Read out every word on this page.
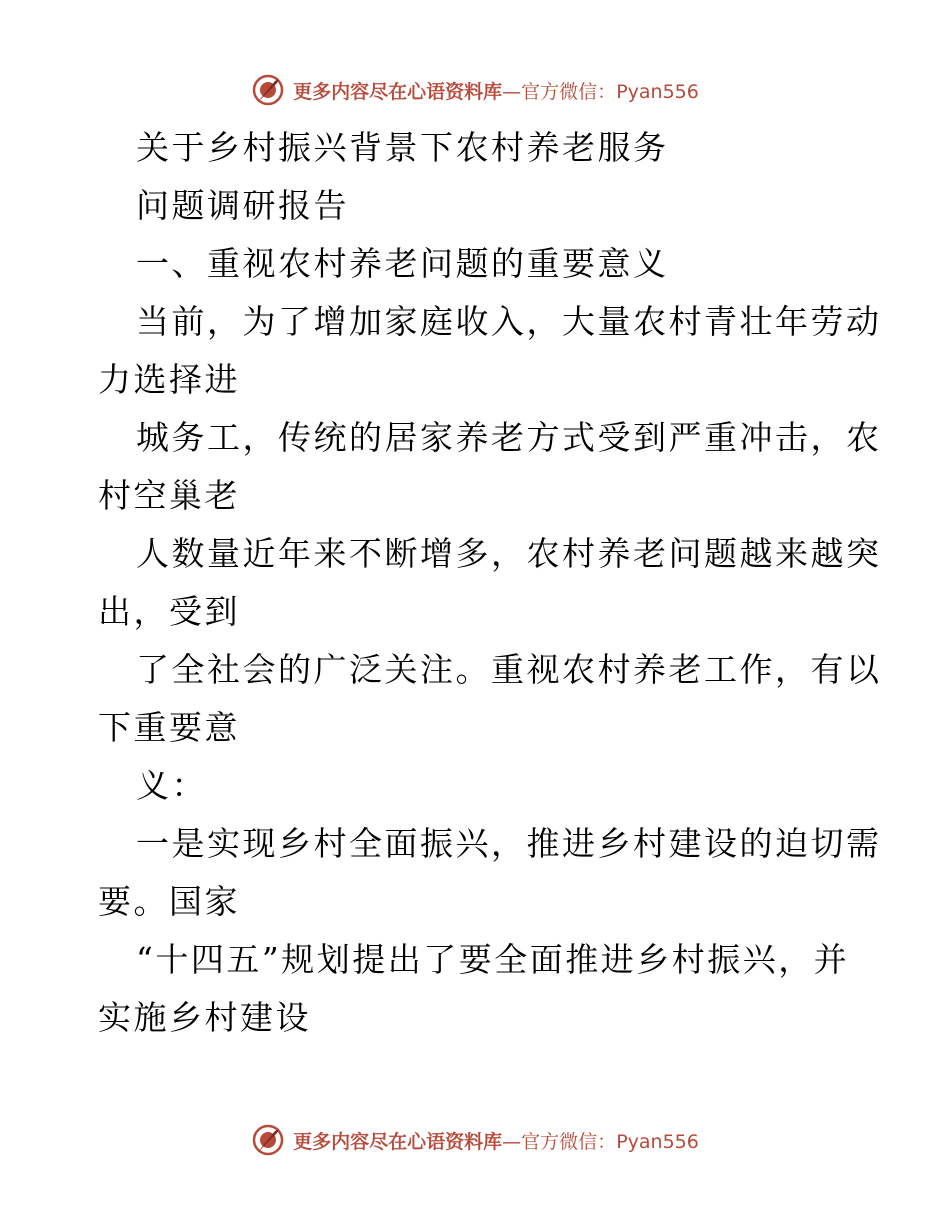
更多内容尽在心语资料库—官方微信：Pyan556
关于乡村振兴背景下农村养老服务
问题调研报告
一、重视农村养老问题的重要意义
当前，为了增加家庭收入，大量农村青壮年劳动
力选择进
城务工，传统的居家养老方式受到严重冲击，农
村空巢老
人数量近年来不断增多，农村养老问题越来越突
出，受到
了全社会的广泛关注。重视农村养老工作，有以
下重要意
义：
一是实现乡村全面振兴，推进乡村建设的迫切需
要。国家
“十四五”规划提出了要全面推进乡村振兴，并
实施乡村建设
更多内容尽在心语资料库—官方微信：Pyan556
